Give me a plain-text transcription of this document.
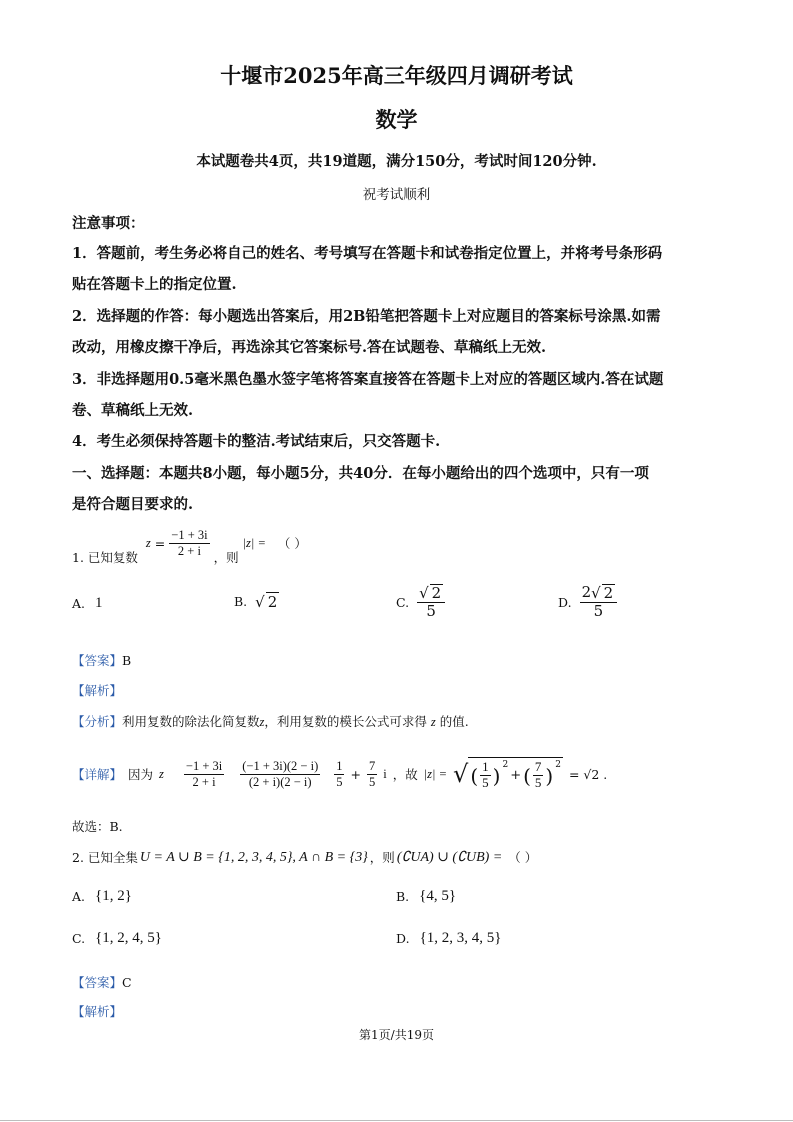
十堰市2025年高三年级四月调研考试
数学
本试题卷共4页，共19道题，满分150分，考试时间120分钟.
祝考试顺利
注意事项：
1．答题前，考生务必将自己的姓名、考号填写在答题卡和试卷指定位置上，并将考号条形码
贴在答题卡上的指定位置.
2．选择题的作答：每小题选出答案后，用2B铅笔把答题卡上对应题目的答案标号涂黑.如需
改动，用橡皮擦干净后，再选涂其它答案标号.答在试题卷、草稿纸上无效.
3．非选择题用0.5毫米黑色墨水签字笔将答案直接答在答题卡上对应的答题区域内.答在试题
卷、草稿纸上无效.
4．考生必须保持答题卡的整洁.考试结束后，只交答题卡.
一、选择题：本题共8小题，每小题5分，共40分．在每小题给出的四个选项中，只有一项
是符合题目要求的.
1. 已知复数
$z = \frac{-1 + 3i}{2 + i}$ ，则
|z| = （ ）
A. 1	B. √ 2	C. $\frac{√ 2}{5}$	D. $\frac{2√ 2}{5}$
【答案】B
【解析】
【分析】利用复数的除法化简复数z，利用复数的模长公式可求得 z 的值.
【详解】 因为 z $\frac{-1 + 3i}{2 + i} \frac{(-1 + 3i)(2 - i)}{(2 + i)(2 - i)} \frac{1}{5} + \frac{7}{5}$ i ，故 |z| = √ ( $\frac{1}{5} )^2$
+ ( $\frac{7}{5} )^2$
= √2 .
故选：B.
2. 已知全集 U = A ∪ B = {1, 2, 3, 4, 5}, A ∩ B = {3} ，则 (∁UA) ∪ (∁UB) = （ ）
A. {1, 2}	B. {4, 5}
C. {1, 2, 4, 5}	D. {1, 2, 3, 4, 5}
【答案】C
【解析】
第1页/共19页
